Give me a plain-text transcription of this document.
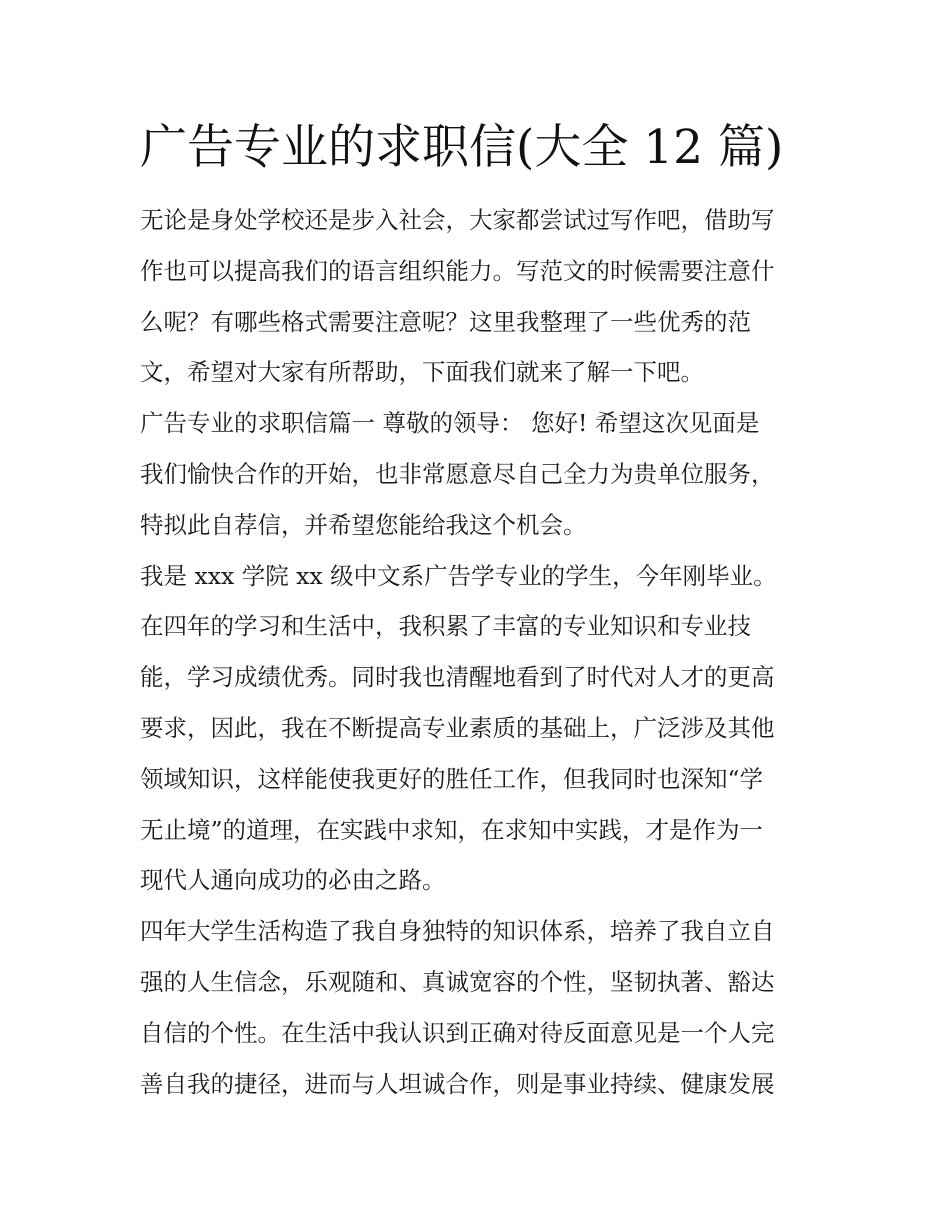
广告专业的求职信(大全 12 篇)

无论是身处学校还是步入社会，大家都尝试过写作吧，借助写
作也可以提高我们的语言组织能力。写范文的时候需要注意什
么呢？有哪些格式需要注意呢？这里我整理了一些优秀的范
文，希望对大家有所帮助，下面我们就来了解一下吧。

广告专业的求职信篇一 尊敬的领导： 您好! 希望这次见面是
我们愉快合作的开始，也非常愿意尽自己全力为贵单位服务，
特拟此自荐信，并希望您能给我这个机会。

我是 xxx 学院 xx 级中文系广告学专业的学生，今年刚毕业。

在四年的学习和生活中，我积累了丰富的专业知识和专业技
能，学习成绩优秀。同时我也清醒地看到了时代对人才的更高
要求，因此，我在不断提高专业素质的基础上，广泛涉及其他
领域知识，这样能使我更好的胜任工作，但我同时也深知“学
无止境”的道理，在实践中求知，在求知中实践，才是作为一
现代人通向成功的必由之路。

四年大学生活构造了我自身独特的知识体系，培养了我自立自
强的人生信念，乐观随和、真诚宽容的个性，坚韧执著、豁达
自信的个性。在生活中我认识到正确对待反面意见是一个人完
善自我的捷径，进而与人坦诚合作，则是事业持续、健康发展
